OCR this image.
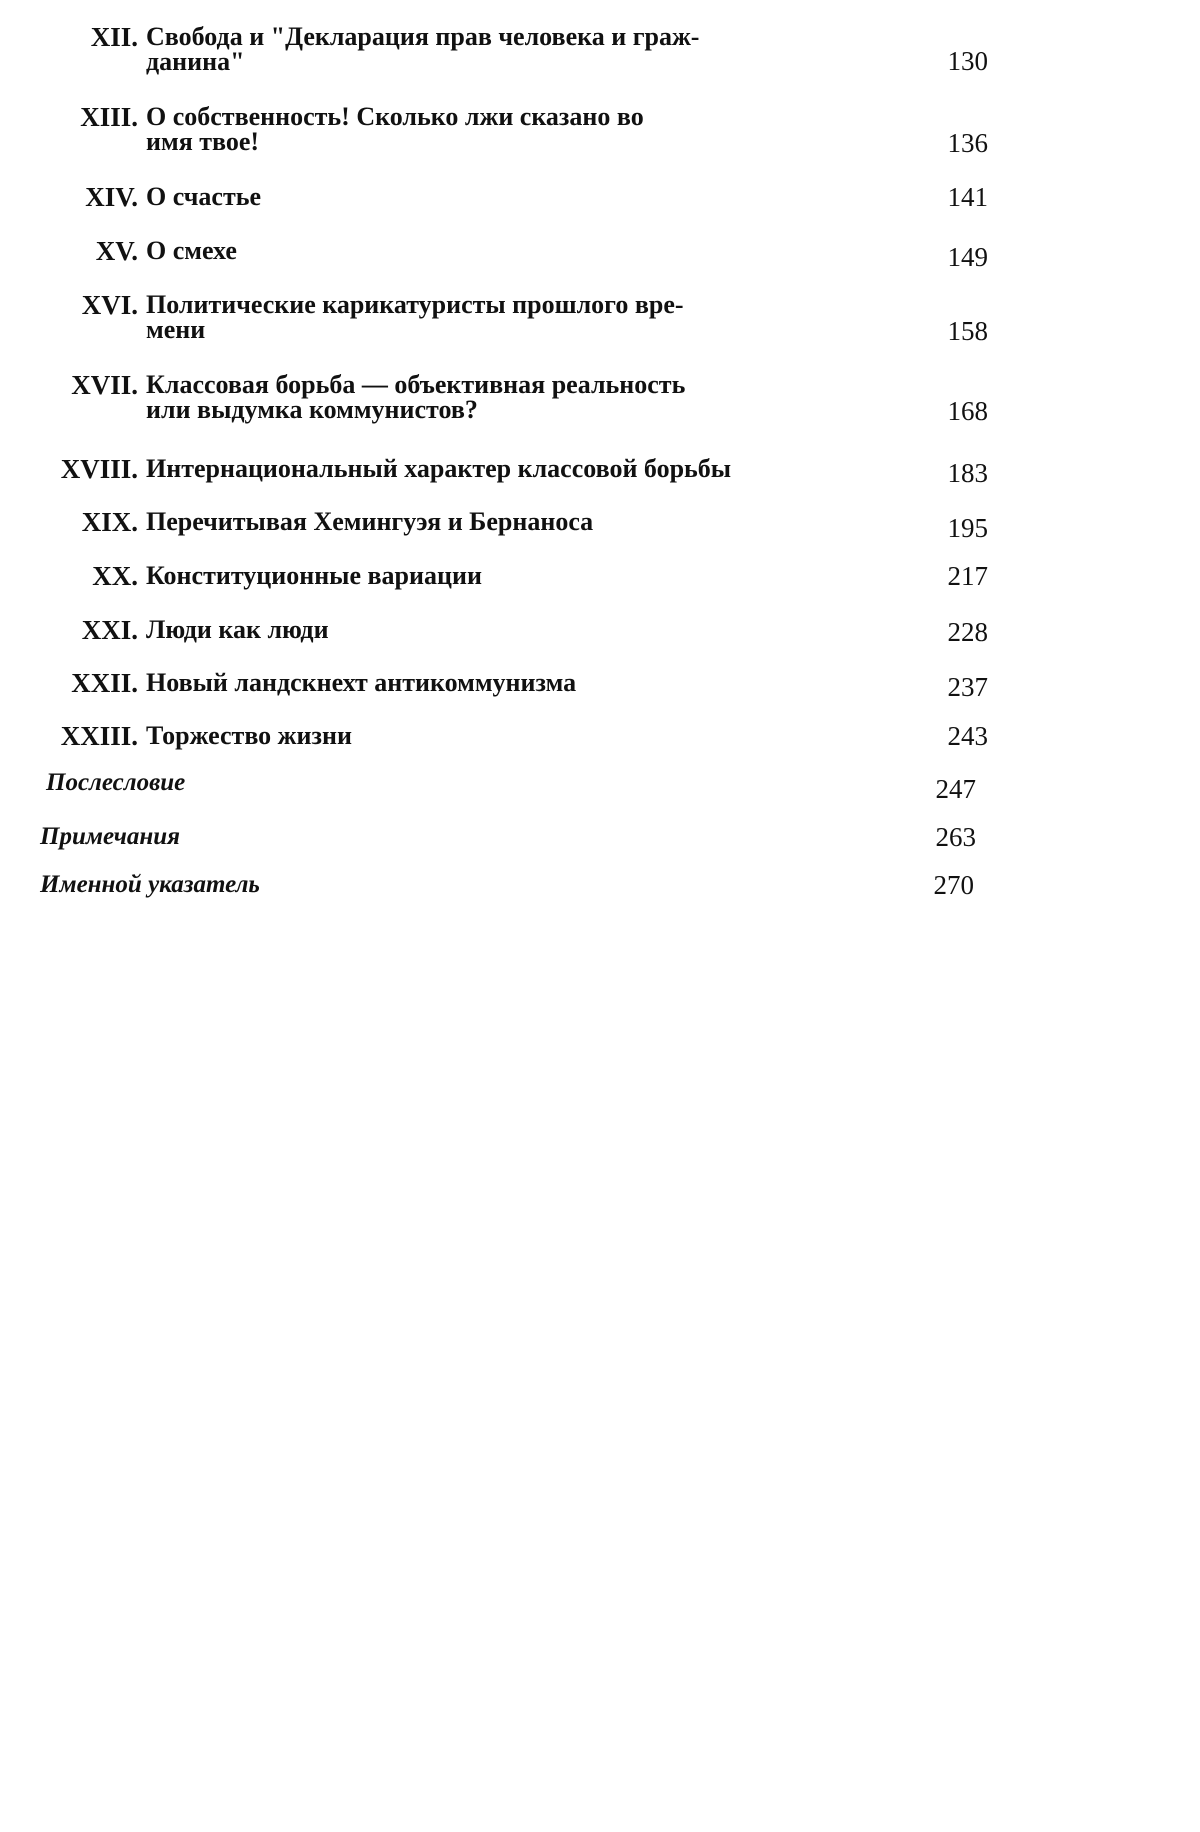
XII. Свобода и "Декларация прав человека и граж-
данина"	130
XIII. О собственность! Сколько лжи сказано во
имя твое!	136
XIV. О счастье	141
XV. О смехе	149
XVI. Политические карикатуристы прошлого вре-
мени	158
XVII. Классовая борьба — объективная реальность
или выдумка коммунистов?	168
XVIII. Интернациональный характер классовой борьбы	183
XIX. Перечитывая Хемингуэя и Бернаноса	195
XX. Конституционные вариации	217
XXI. Люди как люди	228
XXII. Новый ландскнехт антикоммунизма	237
XXIII. Торжество жизни	243
Послесловие	247
Примечания	263
Именной указатель	270
